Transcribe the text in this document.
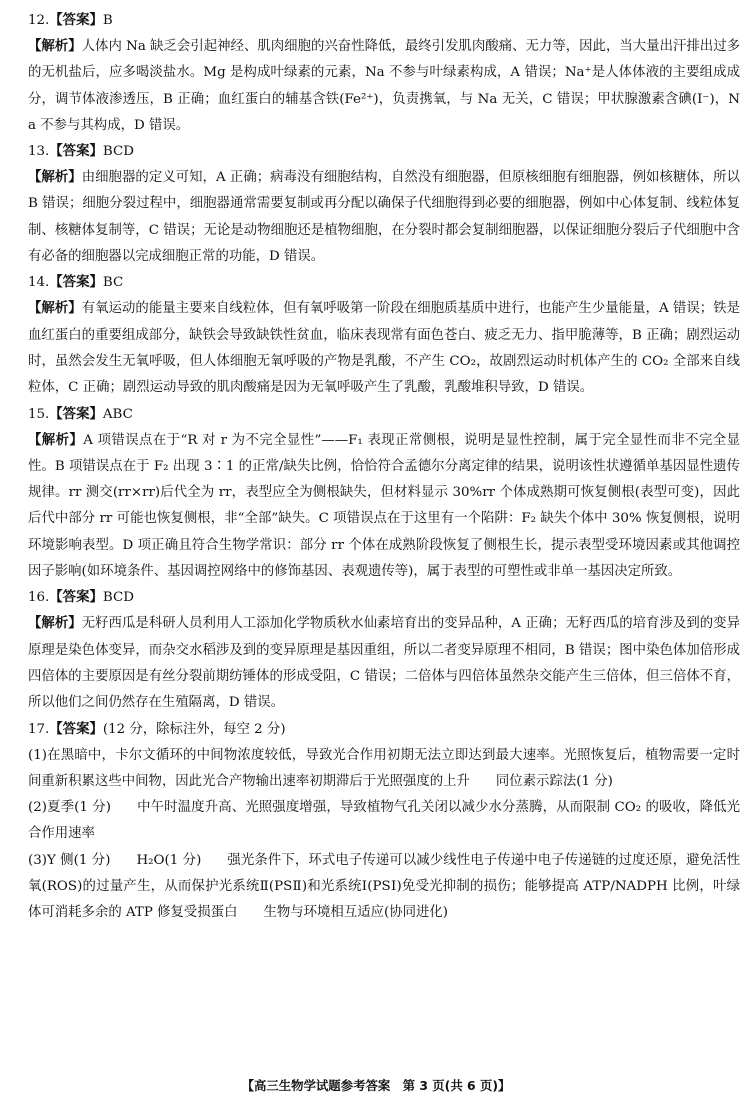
12.【答案】B
【解析】人体内 Na 缺乏会引起神经、肌肉细胞的兴奋性降低，最终引发肌肉酸痛、无力等，因此，当大量出汗排出过多的无机盐后，应多喝淡盐水。Mg 是构成叶绿素的元素，Na 不参与叶绿素构成，A 错误；Na⁺是人体体液的主要组成成分，调节体液渗透压，B 正确；血红蛋白的辅基含铁(Fe²⁺)，负责携氧，与 Na 无关，C 错误；甲状腺激素含碘(I⁻)，Na 不参与其构成，D 错误。
13.【答案】BCD
【解析】由细胞器的定义可知，A 正确；病毒没有细胞结构，自然没有细胞器，但原核细胞有细胞器，例如核糖体，所以 B 错误；细胞分裂过程中，细胞器通常需要复制或再分配以确保子代细胞得到必要的细胞器，例如中心体复制、线粒体复制、核糖体复制等，C 错误；无论是动物细胞还是植物细胞，在分裂时都会复制细胞器，以保证细胞分裂后子代细胞中含有必备的细胞器以完成细胞正常的功能，D 错误。
14.【答案】BC
【解析】有氧运动的能量主要来自线粒体，但有氧呼吸第一阶段在细胞质基质中进行，也能产生少量能量，A 错误；铁是血红蛋白的重要组成部分，缺铁会导致缺铁性贫血，临床表现常有面色苍白、疲乏无力、指甲脆薄等，B 正确；剧烈运动时，虽然会发生无氧呼吸，但人体细胞无氧呼吸的产物是乳酸，不产生 CO₂，故剧烈运动时机体产生的 CO₂ 全部来自线粒体，C 正确；剧烈运动导致的肌肉酸痛是因为无氧呼吸产生了乳酸，乳酸堆积导致，D 错误。
15.【答案】ABC
【解析】A 项错误点在于“R 对 r 为不完全显性”——F₁ 表现正常侧根，说明是显性控制，属于完全显性而非不完全显性。B 项错误点在于 F₂ 出现 3∶1 的正常/缺失比例，恰恰符合孟德尔分离定律的结果，说明该性状遵循单基因显性遗传规律。rr 测交(rr×rr)后代全为 rr，表型应全为侧根缺失，但材料显示 30%rr 个体成熟期可恢复侧根(表型可变)，因此后代中部分 rr 可能也恢复侧根，非“全部”缺失。C 项错误点在于这里有一个陷阱：F₂ 缺失个体中 30% 恢复侧根，说明环境影响表型。D 项正确且符合生物学常识：部分 rr 个体在成熟阶段恢复了侧根生长，提示表型受环境因素或其他调控因子影响(如环境条件、基因调控网络中的修饰基因、表观遗传等)，属于表型的可塑性或非单一基因决定所致。
16.【答案】BCD
【解析】无籽西瓜是科研人员利用人工添加化学物质秋水仙素培育出的变异品种，A 正确；无籽西瓜的培育涉及到的变异原理是染色体变异，而杂交水稻涉及到的变异原理是基因重组，所以二者变异原理不相同，B 错误；图中染色体加倍形成四倍体的主要原因是有丝分裂前期纺锤体的形成受阻，C 错误；二倍体与四倍体虽然杂交能产生三倍体，但三倍体不育，所以他们之间仍然存在生殖隔离，D 错误。
17.【答案】(12 分，除标注外，每空 2 分)
(1)在黑暗中，卡尔文循环的中间物浓度较低，导致光合作用初期无法立即达到最大速率。光照恢复后，植物需要一定时间重新积累这些中间物，因此光合产物输出速率初期滞后于光照强度的上升 同位素示踪法(1 分)
(2)夏季(1 分) 中午时温度升高、光照强度增强，导致植物气孔关闭以减少水分蒸腾，从而限制 CO₂ 的吸收，降低光合作用速率
(3)Y 侧(1 分) H₂O(1 分) 强光条件下，环式电子传递可以减少线性电子传递中电子传递链的过度还原，避免活性氧(ROS)的过量产生，从而保护光系统Ⅱ(PSⅡ)和光系统Ⅰ(PSⅠ)免受光抑制的损伤；能够提高 ATP/NADPH 比例，叶绿体可消耗多余的 ATP 修复受损蛋白 生物与环境相互适应(协同进化)
【高三生物学试题参考答案　第 3 页(共 6 页)】
